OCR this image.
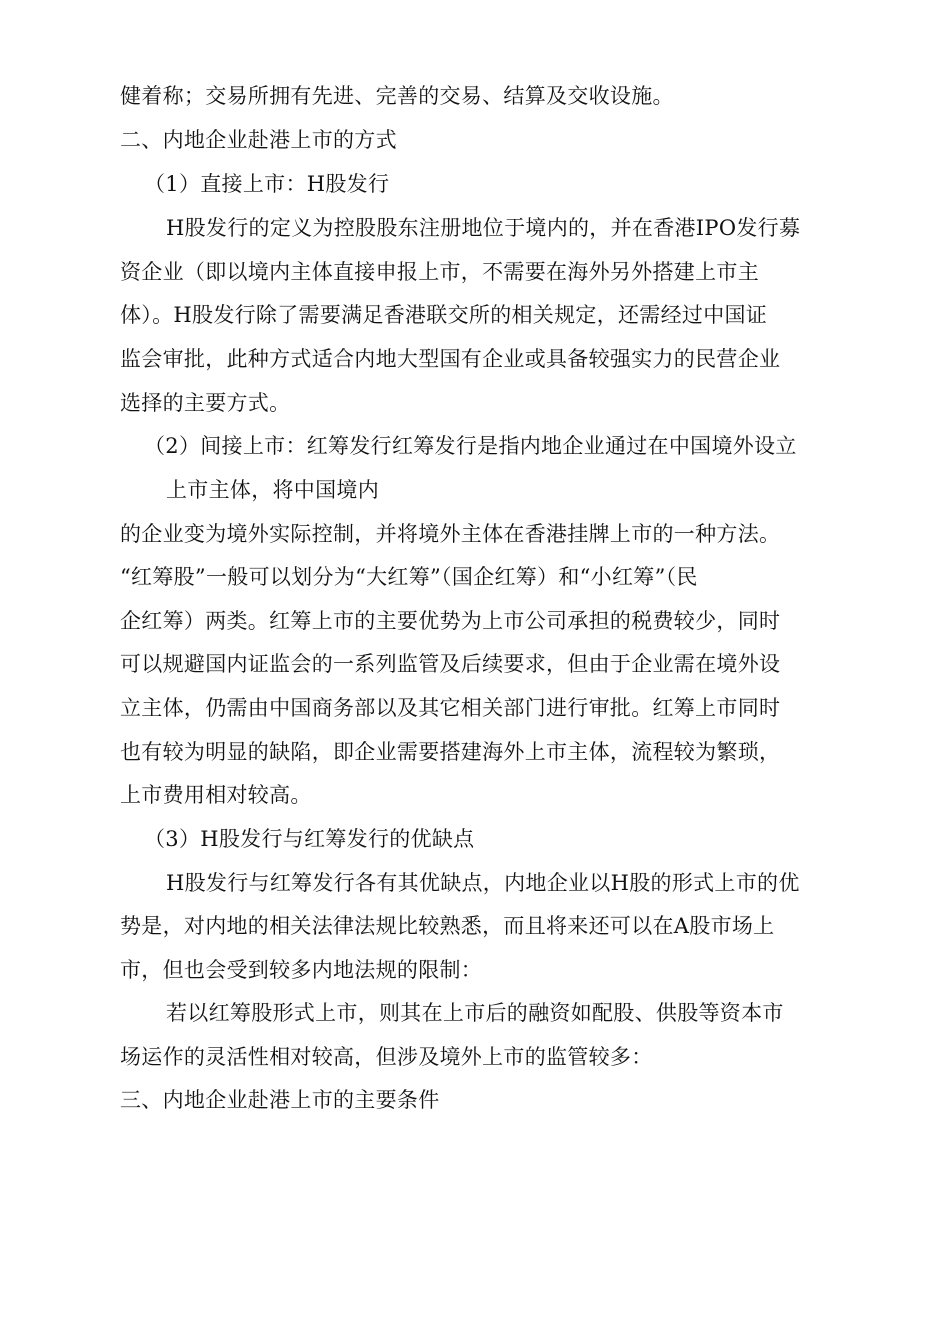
健着称；交易所拥有先进、完善的交易、结算及交收设施。
二、内地企业赴港上市的方式
（1）直接上市：H股发行
H股发行的定义为控股股东注册地位于境内的，并在香港IPO发行募
资企业（即以境内主体直接申报上市，不需要在海外另外搭建上市主
体）。H股发行除了需要满足香港联交所的相关规定，还需经过中国证
监会审批，此种方式适合内地大型国有企业或具备较强实力的民营企业
选择的主要方式。
（2）间接上市：红筹发行红筹发行是指内地企业通过在中国境外设立
上市主体，将中国境内
的企业变为境外实际控制，并将境外主体在香港挂牌上市的一种方法。
“红筹股”一般可以划分为“大红筹”（国企红筹）和“小红筹”（民
企红筹）两类。红筹上市的主要优势为上市公司承担的税费较少，同时
可以规避国内证监会的一系列监管及后续要求，但由于企业需在境外设
立主体，仍需由中国商务部以及其它相关部门进行审批。红筹上市同时
也有较为明显的缺陷，即企业需要搭建海外上市主体，流程较为繁琐，
上市费用相对较高。
（3）H股发行与红筹发行的优缺点
H股发行与红筹发行各有其优缺点，内地企业以H股的形式上市的优
势是，对内地的相关法律法规比较熟悉，而且将来还可以在A股市场上
市，但也会受到较多内地法规的限制：
若以红筹股形式上市，则其在上市后的融资如配股、供股等资本市
场运作的灵活性相对较高，但涉及境外上市的监管较多：
三、内地企业赴港上市的主要条件
